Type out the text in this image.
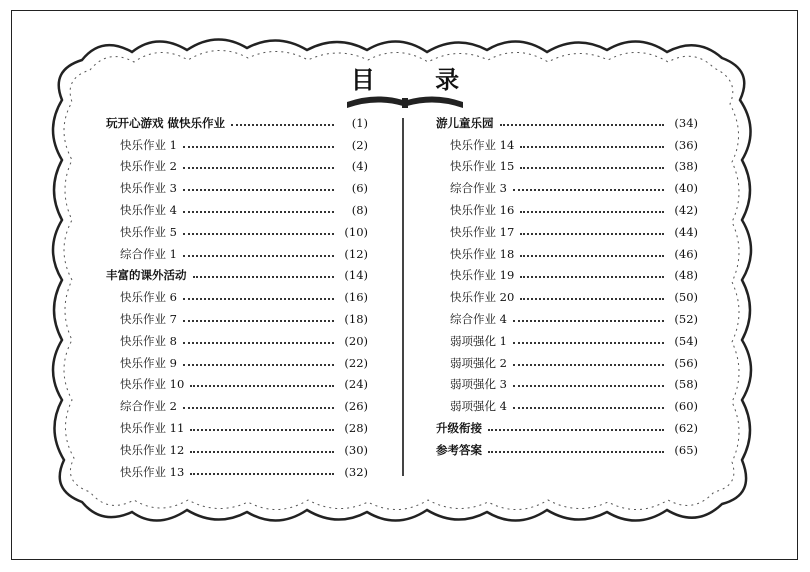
目 录
玩开心游戏 做快乐作业	(1)
快乐作业 1	(2)
快乐作业 2	(4)
快乐作业 3	(6)
快乐作业 4	(8)
快乐作业 5	(10)
综合作业 1	(12)
丰富的课外活动	(14)
快乐作业 6	(16)
快乐作业 7	(18)
快乐作业 8	(20)
快乐作业 9	(22)
快乐作业 10	(24)
综合作业 2	(26)
快乐作业 11	(28)
快乐作业 12	(30)
快乐作业 13	(32)
游儿童乐园	(34)
快乐作业 14	(36)
快乐作业 15	(38)
综合作业 3	(40)
快乐作业 16	(42)
快乐作业 17	(44)
快乐作业 18	(46)
快乐作业 19	(48)
快乐作业 20	(50)
综合作业 4	(52)
弱项强化 1	(54)
弱项强化 2	(56)
弱项强化 3	(58)
弱项强化 4	(60)
升级衔接	(62)
参考答案	(65)
